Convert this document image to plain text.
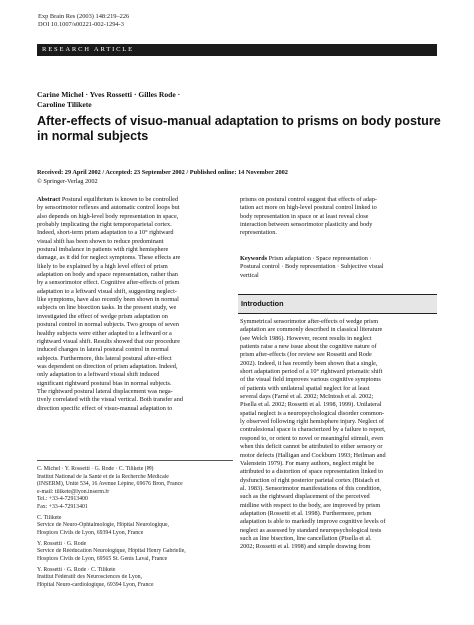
Exp Brain Res (2003) 148:219–226
DOI 10.1007/s00221-002-1294-3
RESEARCH ARTICLE
Carine Michel · Yves Rossetti · Gilles Rode ·
Caroline Tilikete
After-effects of visuo-manual adaptation to prisms on body posture
in normal subjects
Received: 29 April 2002 / Accepted: 23 September 2002 / Published online: 14 November 2002
© Springer-Verlag 2002
Abstract Postural equilibrium is known to be controlled
by sensorimotor reflexes and automatic control loops but
also depends on high-level body representation in space,
probably implicating the right temporoparietal cortex.
Indeed, short-term prism adaptation to a 10° rightward
visual shift has been shown to reduce predominant
postural imbalance in patients with right hemisphere
damage, as it did for neglect symptoms. These effects are
likely to be explained by a high level effect of prism
adaptation on body and space representation, rather than
by a sensorimotor effect. Cognitive after-effects of prism
adaptation to a leftward visual shift, suggesting neglect-
like symptoms, have also recently been shown in normal
subjects on line bisection tasks. In the present study, we
investigated the effect of wedge prism adaptation on
postural control in normal subjects. Two groups of seven
healthy subjects were either adapted to a leftward or a
rightward visual shift. Results showed that our procedure
induced changes in lateral postural control in normal
subjects. Furthermore, this lateral postural after-effect
was dependent on direction of prism adaptation. Indeed,
only adaptation to a leftward visual shift induced
significant rightward postural bias in normal subjects.
The rightward postural lateral displacement was nega-
tively correlated with the visual vertical. Both transfer and
direction specific effect of visuo-manual adaptation to
C. Michel · Y. Rossetti · G. Rode · C. Tilikete (✉)
Institut National de la Santé et de la Recherche Médicale
(INSERM), Unité 534, 16 Avenue Lépine, 69676 Bron, France
e-mail: tilikete@lyon.inserm.fr
Tel.: +33-4-72913400
Fax: +33-4-72913401
C. Tilikete
Service de Neuro-Ophtalmologie, Hôpital Neurologique,
Hospices Civils de Lyon, 69394 Lyon, France
Y. Rossetti · G. Rode
Service de Rééducation Neurologique, Hôpital Henry Gabrielle,
Hospices Civils de Lyon, 69565 St. Genis Laval, France
Y. Rossetti · G. Rode · C. Tilikete
Institut Fédératif des Neurosciences de Lyon,
Hôpital Neuro-cardiologique, 69394 Lyon, France
prisms on postural control suggest that effects of adap-
tation act more on high-level postural control linked to
body representation in space or at least reveal close
interaction between sensorimotor plasticity and body
representation.
Keywords Prism adaptation · Space representation ·
Postural control · Body representation · Subjective visual
vertical
Introduction
Symmetrical sensorimotor after-effects of wedge prism
adaptation are commonly described in classical literature
(see Welch 1986). However, recent results in neglect
patients raise a new issue about the cognitive nature of
prism after-effects (for review see Rossetti and Rode
2002). Indeed, it has recently been shown that a single,
short adaptation period of a 10° rightward prismatic shift
of the visual field improves various cognitive symptoms
of patients with unilateral spatial neglect for at least
several days (Farné et al. 2002; McIntosh et al. 2002;
Pisella et al. 2002; Rossetti et al. 1998, 1999). Unilateral
spatial neglect is a neuropsychological disorder common-
ly observed following right hemisphere injury. Neglect of
contralesional space is characterized by a failure to report,
respond to, or orient to novel or meaningful stimuli, even
when this deficit cannot be attributed to either sensory or
motor defects (Halligan and Cockburn 1993; Heilman and
Valenstein 1979). For many authors, neglect might be
attributed to a distortion of space representation linked to
dysfunction of right posterior parietal cortex (Bisiach et
al. 1983). Sensorimotor manifestations of this condition,
such as the rightward displacement of the perceived
midline with respect to the body, are improved by prism
adaptation (Rossetti et al. 1998). Furthermore, prism
adaptation is able to markedly improve cognitive levels of
neglect as assessed by standard neuropsychological tests
such as line bisection, line cancellation (Pisella et al.
2002; Rossetti et al. 1998) and simple drawing from
